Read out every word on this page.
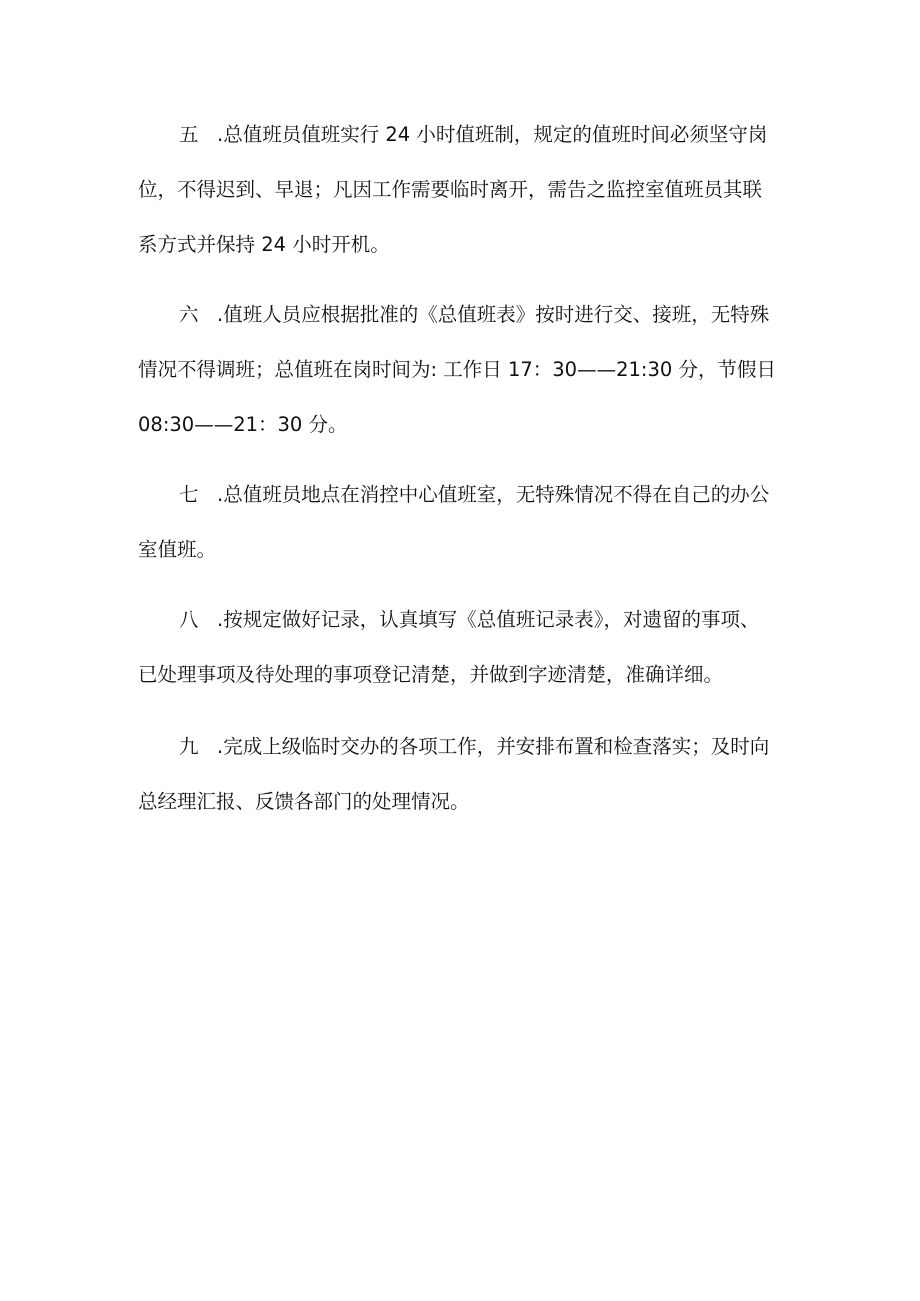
五 .总值班员值班实行 24 小时值班制，规定的值班时间必须坚守岗
位，不得迟到、早退；凡因工作需要临时离开，需告之监控室值班员其联
系方式并保持 24 小时开机。
六 .值班人员应根据批准的《总值班表》按时进行交、接班，无特殊
情况不得调班；总值班在岗时间为: 工作日 17：30——21:30 分，节假日
08:30——21：30 分。
七 .总值班员地点在消控中心值班室，无特殊情况不得在自己的办公
室值班。
八 .按规定做好记录，认真填写《总值班记录表》，对遗留的事项、
已处理事项及待处理的事项登记清楚，并做到字迹清楚，准确详细。
九 .完成上级临时交办的各项工作，并安排布置和检查落实；及时向
总经理汇报、反馈各部门的处理情况。
